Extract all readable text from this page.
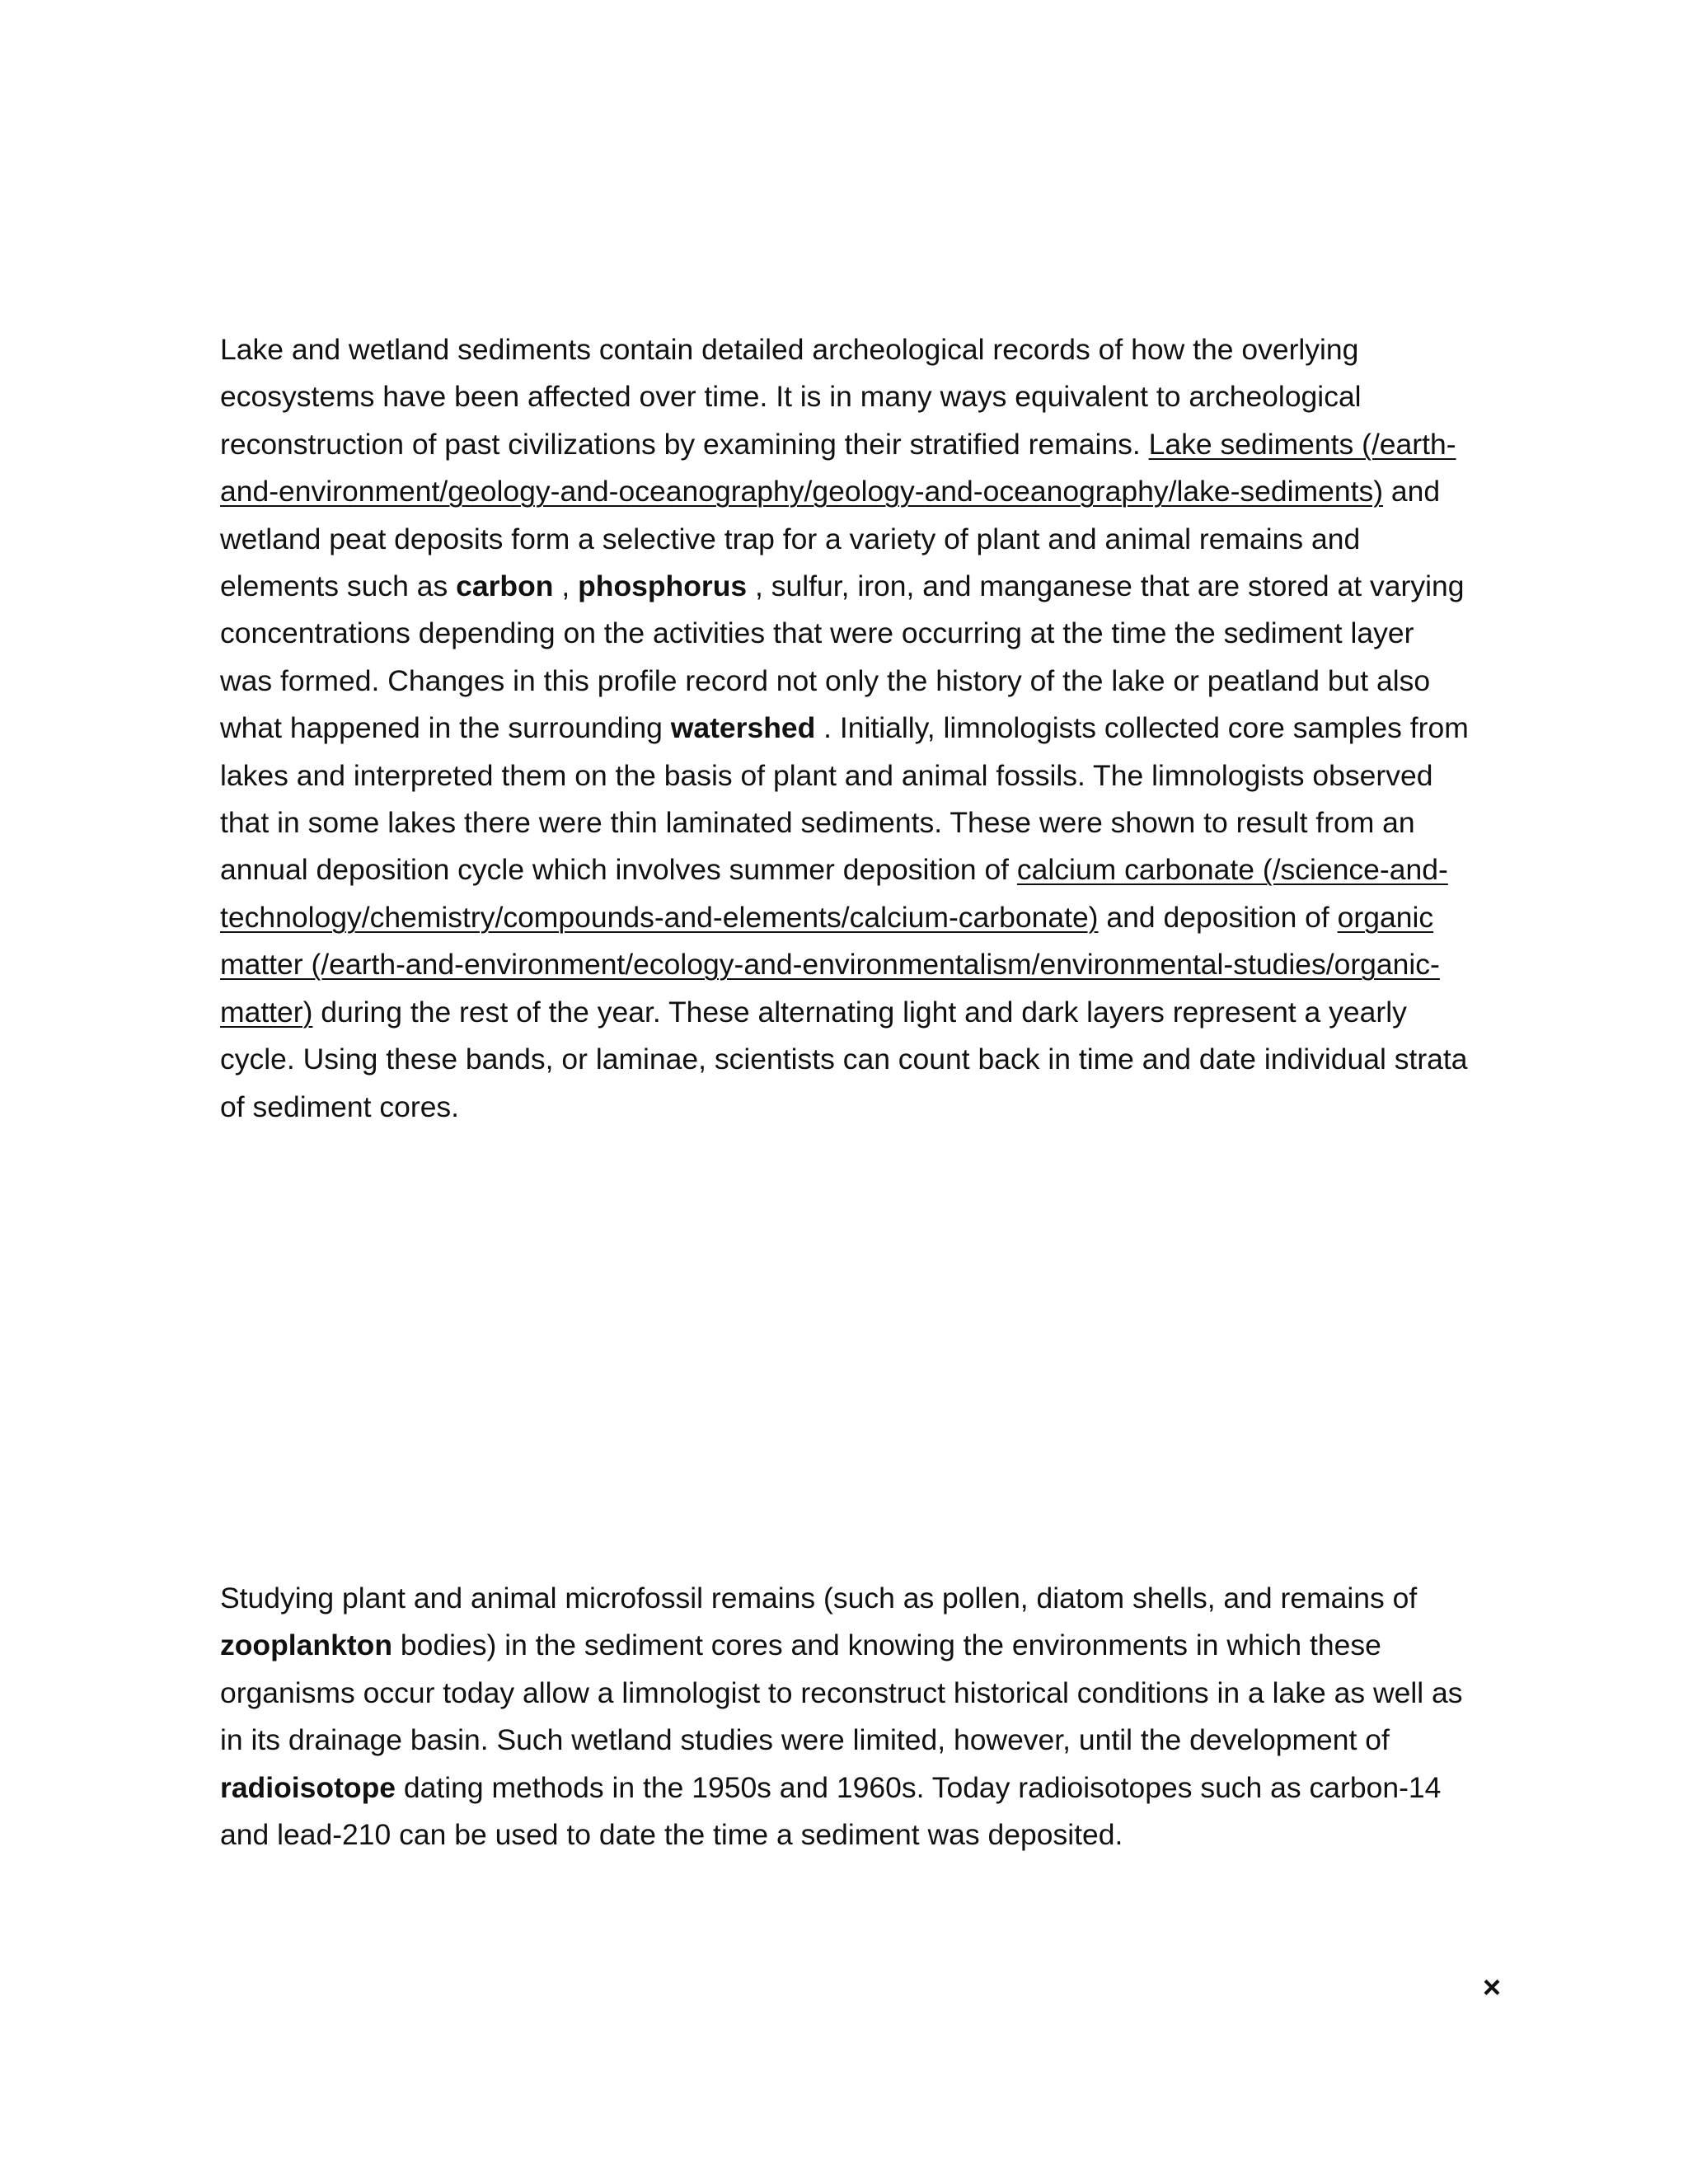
Lake and wetland sediments contain detailed archeological records of how the overlying ecosystems have been affected over time. It is in many ways equivalent to archeological reconstruction of past civilizations by examining their stratified remains. Lake sediments (/earth-and-environment/geology-and-oceanography/geology-and-oceanography/lake-sediments) and wetland peat deposits form a selective trap for a variety of plant and animal remains and elements such as carbon , phosphorus , sulfur, iron, and manganese that are stored at varying concentrations depending on the activities that were occurring at the time the sediment layer was formed. Changes in this profile record not only the history of the lake or peatland but also what happened in the surrounding watershed . Initially, limnologists collected core samples from lakes and interpreted them on the basis of plant and animal fossils. The limnologists observed that in some lakes there were thin laminated sediments. These were shown to result from an annual deposition cycle which involves summer deposition of calcium carbonate (/science-and-technology/chemistry/compounds-and-elements/calcium-carbonate) and deposition of organic matter (/earth-and-environment/ecology-and-environmentalism/environmental-studies/organic-matter) during the rest of the year. These alternating light and dark layers represent a yearly cycle. Using these bands, or laminae, scientists can count back in time and date individual strata of sediment cores.

Studying plant and animal microfossil remains (such as pollen, diatom shells, and remains of zooplankton bodies) in the sediment cores and knowing the environments in which these organisms occur today allow a limnologist to reconstruct historical conditions in a lake as well as in its drainage basin. Such wetland studies were limited, however, until the development of radioisotope dating methods in the 1950s and 1960s. Today radioisotopes such as carbon-14 and lead-210 can be used to date the time a sediment was deposited.

×
